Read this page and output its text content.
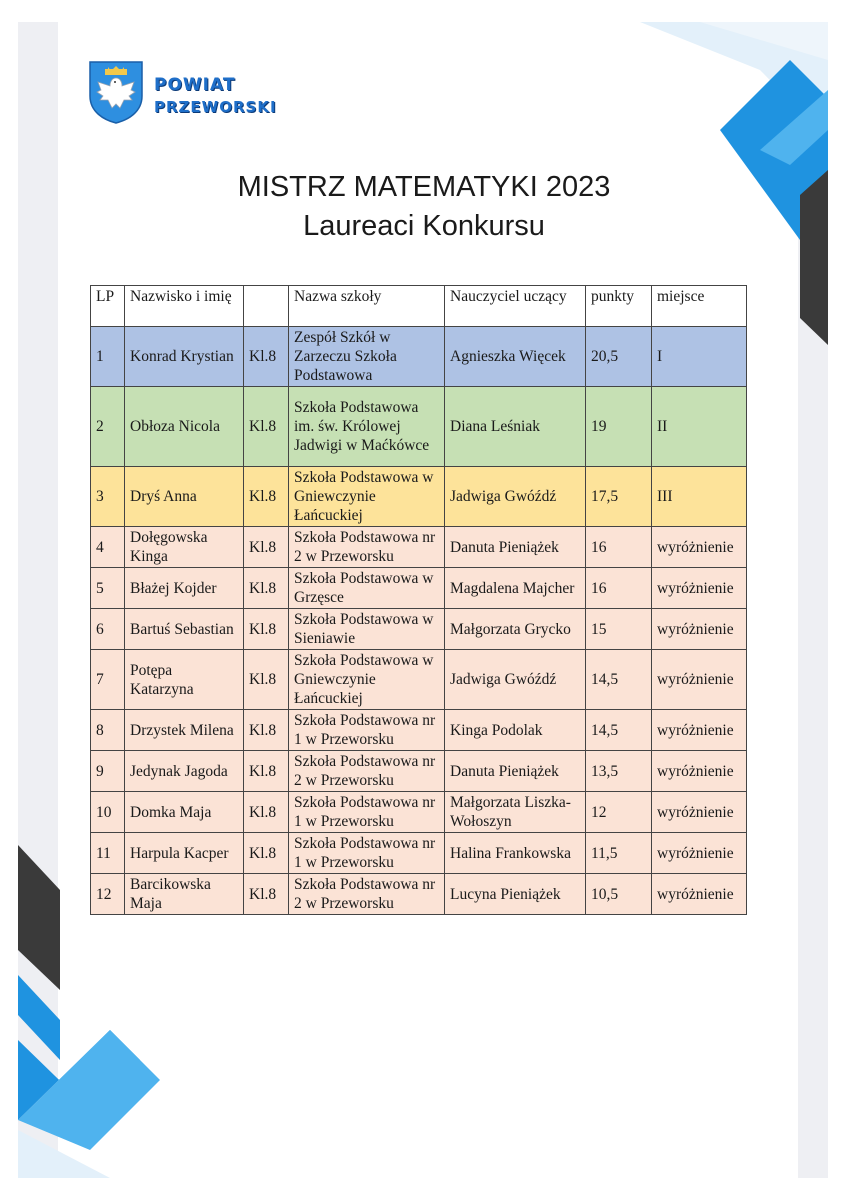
POWIAT
PRZEWORSKI
MISTRZ MATEMATYKI 2023
Laureaci Konkursu
LP	Nazwisko i imię		Nazwa szkoły	Nauczyciel uczący	punkty	miejsce
1	Konrad Krystian	Kl.8	Zespół Szkół w Zarzeczu Szkoła Podstawowa	Agnieszka Więcek	20,5	I
2	Obłoza Nicola	Kl.8	Szkoła Podstawowa im. św. Królowej Jadwigi w Maćkówce	Diana Leśniak	19	II
3	Dryś Anna	Kl.8	Szkoła Podstawowa w Gniewczynie Łańcuckiej	Jadwiga Gwóźdź	17,5	III
4	Dołęgowska Kinga	Kl.8	Szkoła Podstawowa nr 2 w Przeworsku	Danuta Pieniążek	16	wyróżnienie
5	Błażej Kojder	Kl.8	Szkoła Podstawowa w Grzęsce	Magdalena Majcher	16	wyróżnienie
6	Bartuś Sebastian	Kl.8	Szkoła Podstawowa w Sieniawie	Małgorzata Grycko	15	wyróżnienie
7	Potępa Katarzyna	Kl.8	Szkoła Podstawowa w Gniewczynie Łańcuckiej	Jadwiga Gwóźdź	14,5	wyróżnienie
8	Drzystek Milena	Kl.8	Szkoła Podstawowa nr 1 w Przeworsku	Kinga Podolak	14,5	wyróżnienie
9	Jedynak Jagoda	Kl.8	Szkoła Podstawowa nr 2 w Przeworsku	Danuta Pieniążek	13,5	wyróżnienie
10	Domka Maja	Kl.8	Szkoła Podstawowa nr 1 w Przeworsku	Małgorzata Liszka-Wołoszyn	12	wyróżnienie
11	Harpula Kacper	Kl.8	Szkoła Podstawowa nr 1 w Przeworsku	Halina Frankowska	11,5	wyróżnienie
12	Barcikowska Maja	Kl.8	Szkoła Podstawowa nr 2 w Przeworsku	Lucyna Pieniążek	10,5	wyróżnienie
